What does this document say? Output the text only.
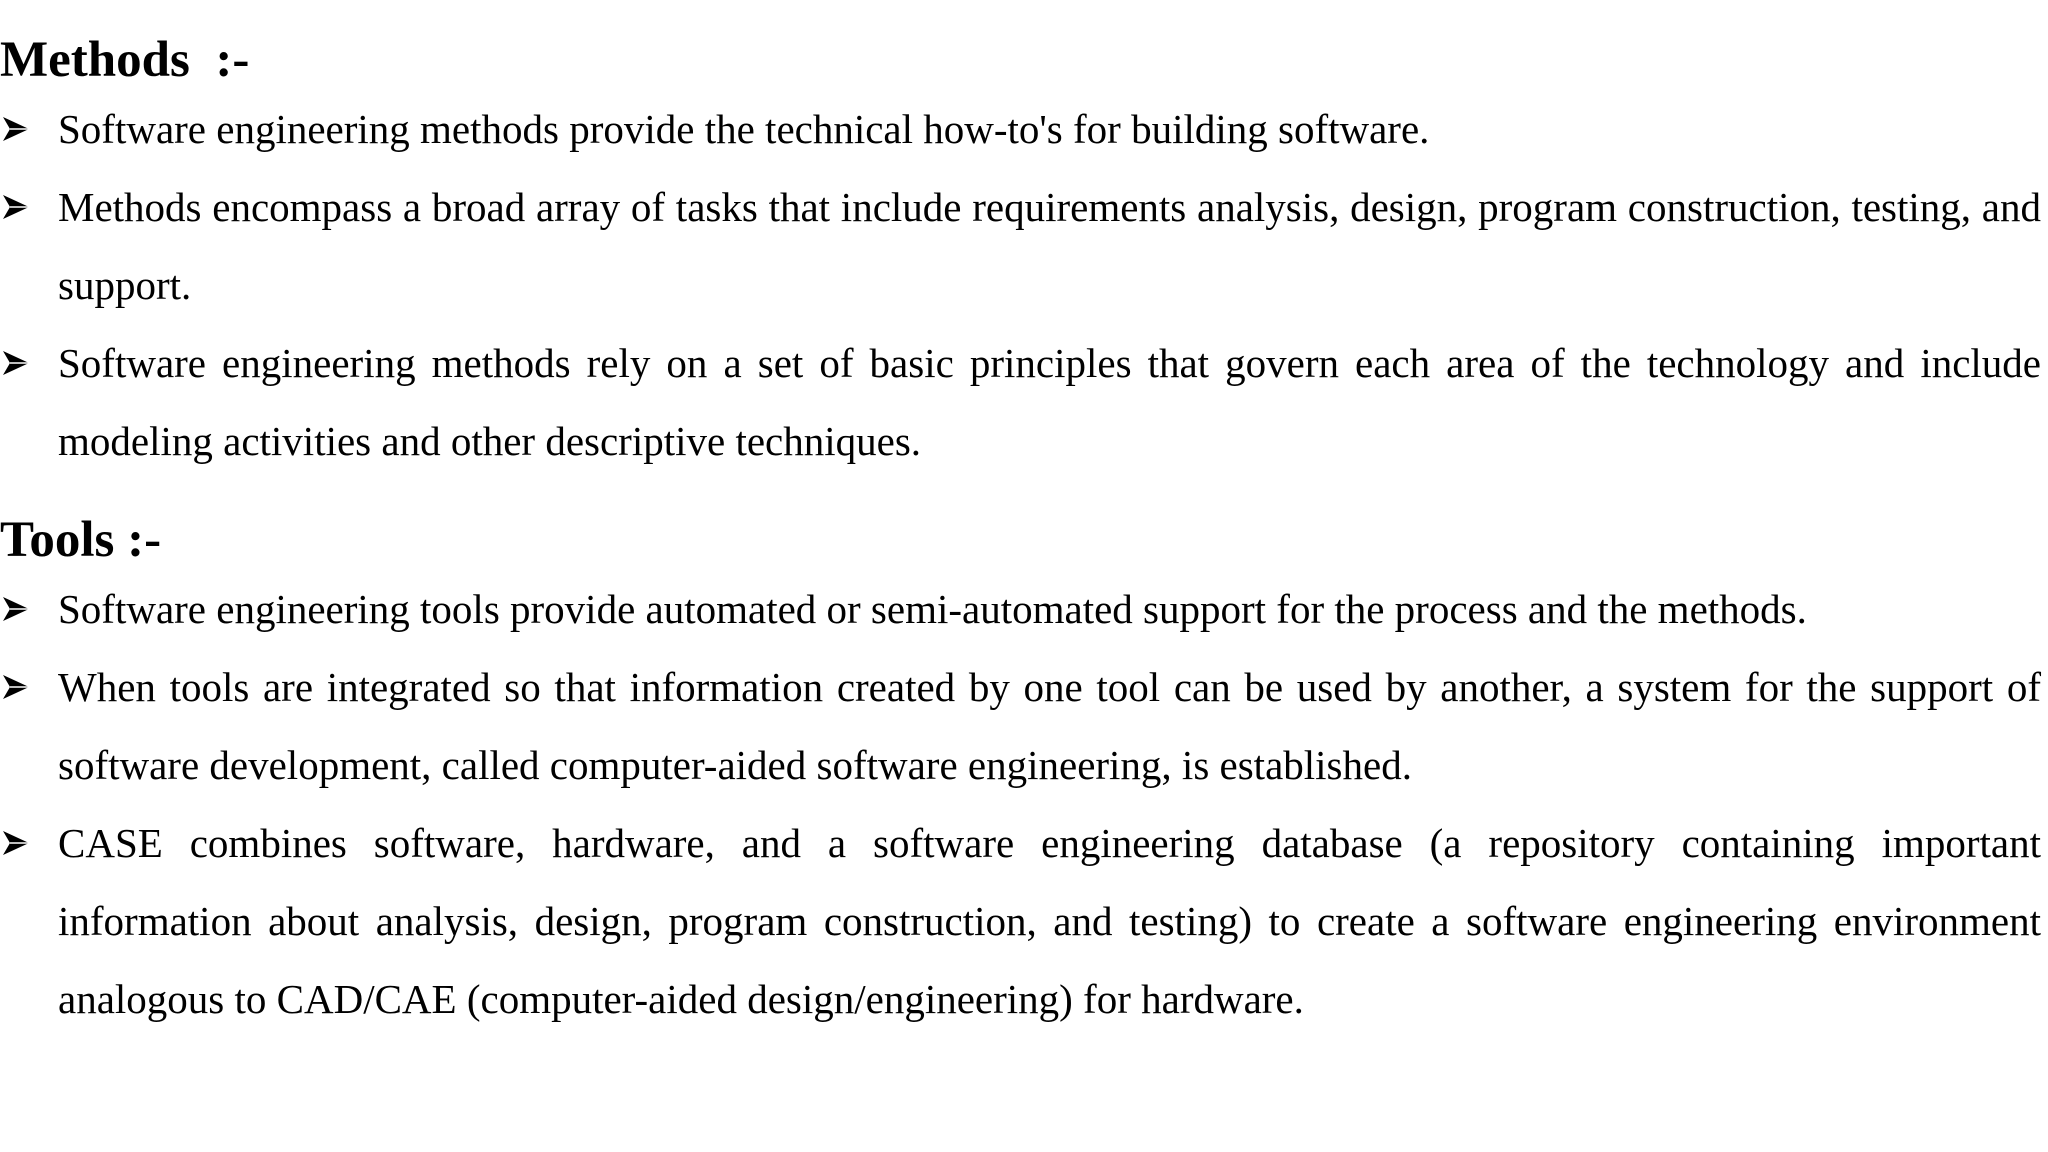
Methods  :-
Software engineering methods provide the technical how-to's for building software.
Methods encompass a broad array of tasks that include requirements analysis, design, program construction, testing, and support.
Software engineering methods rely on a set of basic principles that govern each area of the technology and include modeling activities and other descriptive techniques.
Tools :-
Software engineering tools provide automated or semi-automated support for the process and the methods.
When tools are integrated so that information created by one tool can be used by another, a system for the support of software development, called computer-aided software engineering, is established.
CASE combines software, hardware, and a software engineering database (a repository containing important information about analysis, design, program construction, and testing) to create a software engineering environment analogous to CAD/CAE (computer-aided design/engineering) for hardware.
